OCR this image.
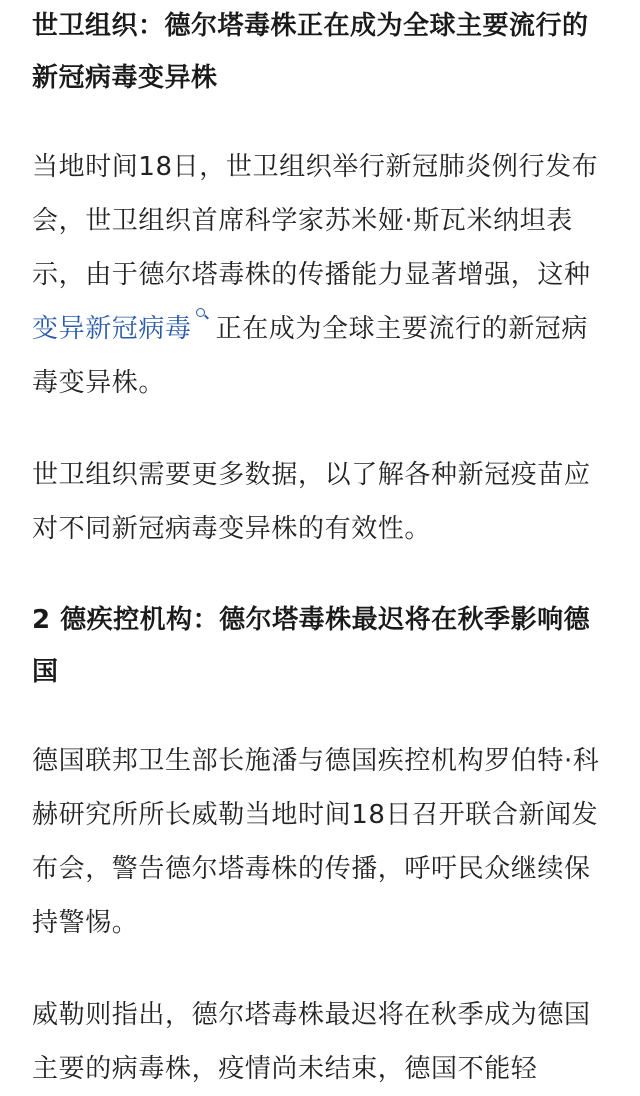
世卫组织：德尔塔毒株正在成为全球主要流行的新冠病毒变异株

当地时间18日，世卫组织举行新冠肺炎例行发布会，世卫组织首席科学家苏米娅·斯瓦米纳坦表示，由于德尔塔毒株的传播能力显著增强，这种变异新冠病毒 正在成为全球主要流行的新冠病毒变异株。

世卫组织需要更多数据，以了解各种新冠疫苗应对不同新冠病毒变异株的有效性。

2 德疾控机构：德尔塔毒株最迟将在秋季影响德国

德国联邦卫生部长施潘与德国疾控机构罗伯特·科赫研究所所长威勒当地时间18日召开联合新闻发布会，警告德尔塔毒株的传播，呼吁民众继续保持警惕。

威勒则指出，德尔塔毒株最迟将在秋季成为德国主要的病毒株，疫情尚未结束，德国不能轻
